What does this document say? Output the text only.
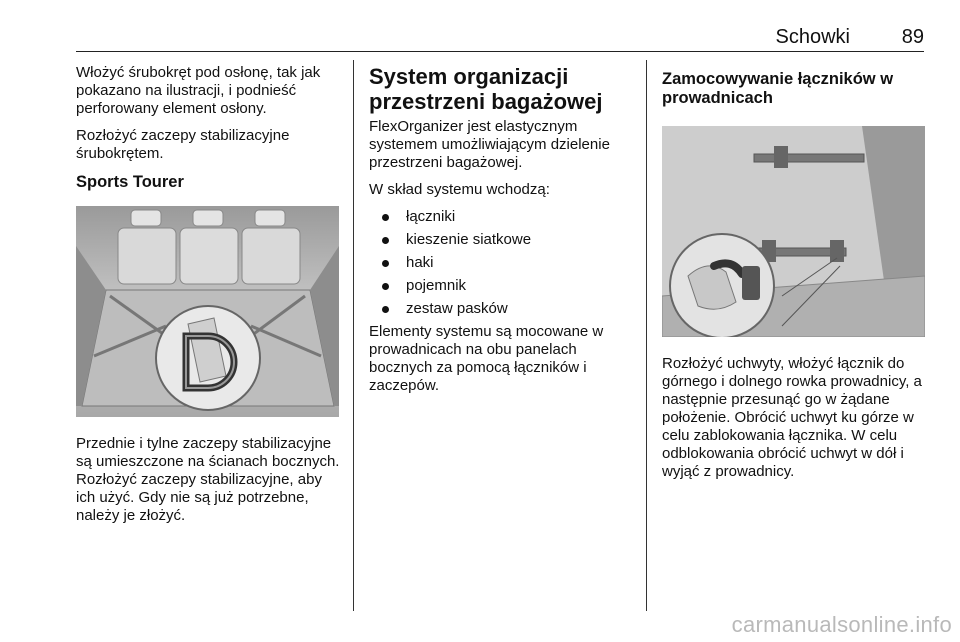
Schowki	89

Włożyć śrubokręt pod osłonę, tak jak pokazano na ilustracji, i podnieść perforowany element osłony.

Rozłożyć zaczepy stabilizacyjne śrubokrętem.

Sports Tourer

Przednie i tylne zaczepy stabilizacyjne są umieszczone na ścianach bocznych. Rozłożyć zaczepy stabilizacyjne, aby ich użyć. Gdy nie są już potrzebne, należy je złożyć.

System organizacji przestrzeni bagażowej

FlexOrganizer jest elastycznym systemem umożliwiającym dzielenie przestrzeni bagażowej.

W skład systemu wchodzą:

łączniki
kieszenie siatkowe
haki
pojemnik
zestaw pasków

Elementy systemu są mocowane w prowadnicach na obu panelach bocznych za pomocą łączników i zaczepów.

Zamocowywanie łączników w prowadnicach

Rozłożyć uchwyty, włożyć łącznik do górnego i dolnego rowka prowadnicy, a następnie przesunąć go w żądane położenie. Obrócić uchwyt ku górze w celu zablokowania łącznika. W celu odblokowania obrócić uchwyt w dół i wyjąć z prowadnicy.

carmanualsonline.info
